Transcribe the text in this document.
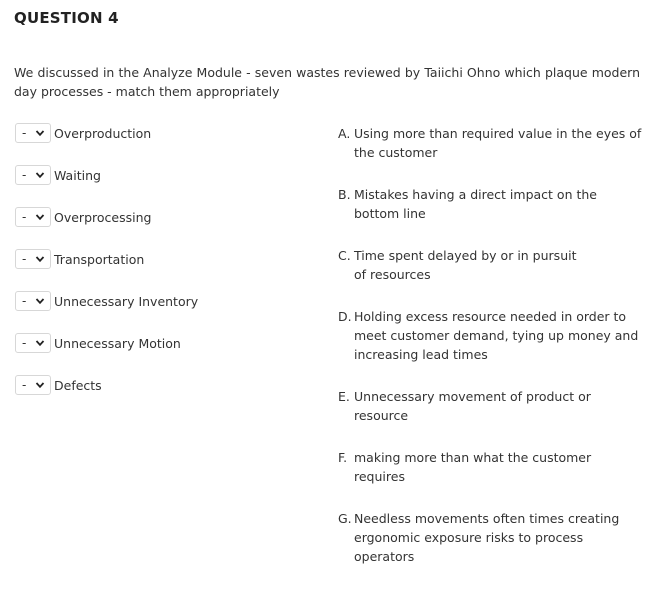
QUESTION 4
We discussed in the Analyze Module - seven wastes reviewed by Taiichi Ohno which plaque modern day processes - match them appropriately
- Overproduction
- Waiting
- Overprocessing
- Transportation
- Unnecessary Inventory
- Unnecessary Motion
- Defects
A. Using more than required value in the eyes of the customer
B. Mistakes having a direct impact on the bottom line
C. Time spent delayed by or in pursuit of resources
D. Holding excess resource needed in order to meet customer demand, tying up money and increasing lead times
E. Unnecessary movement of product or resource
F. making more than what the customer requires
G. Needless movements often times creating ergonomic exposure risks to process operators
